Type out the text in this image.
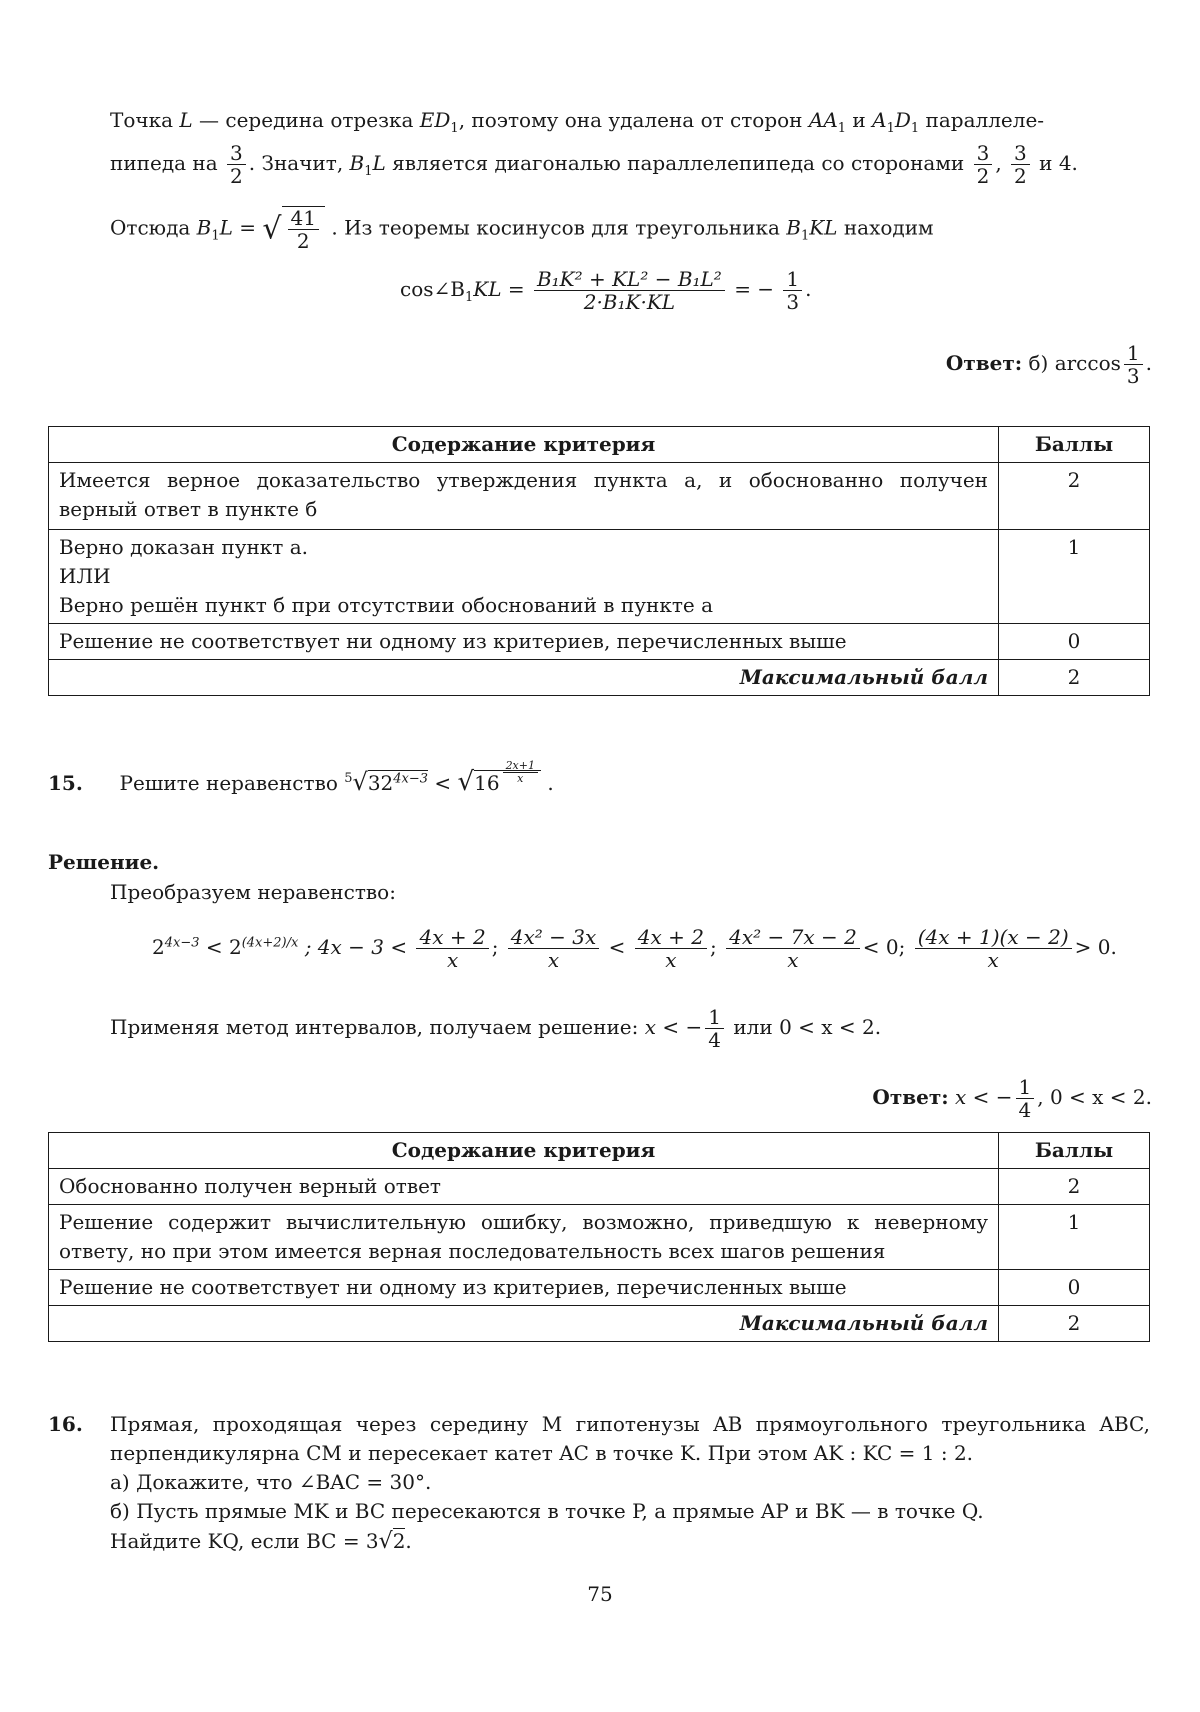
Точка L — середина отрезка $ED_1$, поэтому она удалена от сторон $AA_1$ и $A_1D_1$ параллеле-
пипеда на $\frac{3}{2}$ . Значит, $B_1L$ является диагональю параллелепипеда со сторонами $\frac{3}{2}$ , $\frac{3}{2}$ и 4.
Отсюда $B_1L$ = √ $\frac{41}{2}$ . Из теоремы косинусов для треугольника $B_1KL$ находим
$\cos\angle B_1KL = \frac{\text{B₁K² + KL² − B₁L²}}{\text{2·B₁K·KL}}$ = − $\frac{1}{3}$ .
Ответ: б) $\arccos \frac{1}{3}$ .
Содержание критерия	Баллы
Имеется верное доказательство утверждения пункта а, и обоснованно получен верный ответ в пункте б	2

Верно доказан пункт а.
ИЛИ
Верно решён пункт б при отсутствии обоснований в пункте а	1
Решение не соответствует ни одному из критериев, перечисленных выше	0
Максимальный балл	2
15. Решите неравенство $^5√32^{4x-3} < √16 \frac{2x+1}{x}$ .
Решение.
Преобразуем неравенство:
$2^{4x-3} < 2^{(4x+2)/x}$ ; $4x - 3 < \frac{4x + 2}{x}$ ; $\frac{\text{4x² − 3x}}{x} < \frac{4x + 2}{x}$ ; $\frac{\text{4x² − 7x − 2}}{x} < 0$; $\frac{(4x + 1)(x - 2)}{x} > 0$.
Применяя метод интервалов, получаем решение: x < − $\frac{1}{4}$ или 0 < x < 2.
Ответ: x < − $\frac{1}{4}$ , 0 < x < 2.
Содержание критерия	Баллы
Обоснованно получен верный ответ	2
Решение содержит вычислительную ошибку, возможно, приведшую к неверному ответу, но при этом имеется верная последовательность всех шагов решения	1
Решение не соответствует ни одному из критериев, перечисленных выше	0
Максимальный балл	2
16. Прямая, проходящая через середину M гипотенузы AB прямоугольного треугольника ABC, перпендикулярна CM и пересекает катет AC в точке K. При этом AK : KC = 1 : 2.
а) Докажите, что ∠BAC = 30°.
б) Пусть прямые MK и BC пересекаются в точке P, а прямые AP и BK — в точке Q.
Найдите KQ, если BC = 3√2.
75
